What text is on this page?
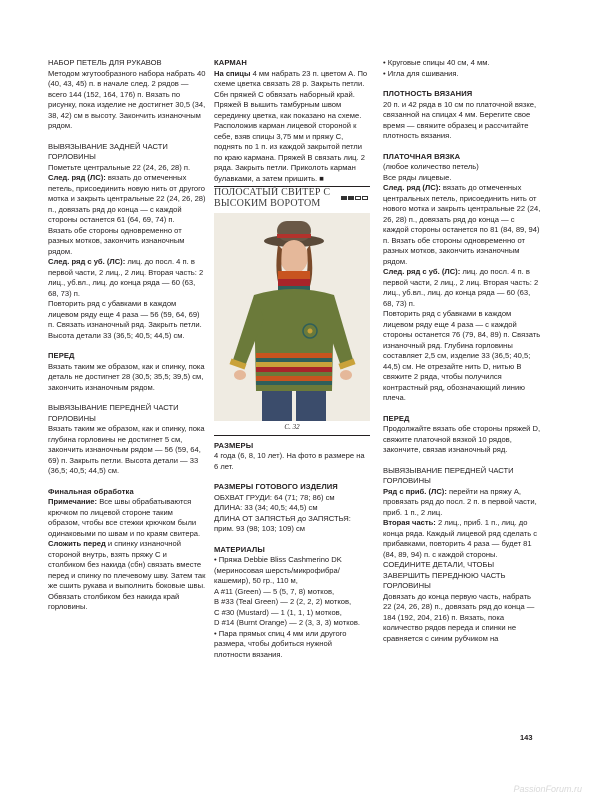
НАБОР ПЕТЕЛЬ ДЛЯ РУКАВОВ

Методом жгутообразного набора набрать 40 (40, 43, 45) п. в начале след. 2 рядов — всего 144 (152, 164, 176) п. Вязать по рисунку, пока изделие не достигнет 30,5 (34, 38, 42) см в высоту. Закончить изнаночным рядом.

ВЫВЯЗЫВАНИЕ ЗАДНЕЙ ЧАСТИ ГОРЛОВИНЫ

Пометьте центральные 22 (24, 26, 28) п.

След. ряд (ЛС): вязать до отмеченных петель, присоединить новую нить от другого мотка и закрыть центральные 22 (24, 26, 28) п., довязать ряд до конца — с каждой стороны останется 61 (64, 69, 74) п.

Вязать обе стороны одновременно от разных мотков, закончить изнаночным рядом.

След. ряд с уб. (ЛС): лиц. до посл. 4 п. в первой части, 2 лиц., 2 лиц. Вторая часть: 2 лиц., уб.вл., лиц. до конца ряда — 60 (63, 68, 73) п.

Повторить ряд с убавками в каждом лицевом ряду еще 4 раза — 56 (59, 64, 69) п. Связать изнаночный ряд. Закрыть петли. Высота детали 33 (36,5; 40,5; 44,5) см.

ПЕРЕД

Вязать таким же образом, как и спинку, пока деталь не достигнет 28 (30,5; 35,5; 39,5) см, закончить изнаночным рядом.

ВЫВЯЗЫВАНИЕ ПЕРЕДНЕЙ ЧАСТИ ГОРЛОВИНЫ

Вязать таким же образом, как и спинку, пока глубина горловины не достигнет 5 см, закончить изнаночным рядом — 56 (59, 64, 69) п. Закрыть петли. Высота детали — 33 (36,5; 40,5; 44,5) см.

Финальная обработка

Примечание: Все швы обрабатываются крючком по лицевой стороне таким образом, чтобы все стежки крючком были одинаковыми по швам и по краям свитера.

Сложить перед и спинку изнаночной стороной внутрь, взять пряжу С и столбиком без накида (сбн) связать вместе перед и спинку по плечевому шву. Затем так же сшить рукава и выполнить боковые швы. Обвязать столбиком без накида край горловины.

КАРМАН

На спицы 4 мм набрать 23 п. цветом А. По схеме цветка связать 28 р. Закрыть петли. Сбн пряжей С обвязать наборный край. Пряжей В вышить тамбурным швом серединку цветка, как показано на схеме. Расположив карман лицевой стороной к себе, взяв спицы 3,75 мм и пряжу С, поднять по 1 п. из каждой закрытой петли по краю кармана. Пряжей В связать лиц. 2 ряда. Закрыть петли. Приколоть карман булавками, а затем пришить. ■

ПОЛОСАТЫЙ СВИТЕР С ВЫСОКИМ ВОРОТОМ
С. 32
РАЗМЕРЫ

4 года (6, 8, 10 лет). На фото в размере на 6 лет.

РАЗМЕРЫ ГОТОВОГО ИЗДЕЛИЯ

ОБХВАТ ГРУДИ: 64 (71; 78; 86) см

ДЛИНА: 33 (34; 40,5; 44,5) см

ДЛИНА ОТ ЗАПЯСТЬЯ до ЗАПЯСТЬЯ: прим. 93 (98; 103; 109) см

МАТЕРИАЛЫ

• Пряжа Debbie Bliss Cashmerino DK (мериносовая шерсть/микрофибра/кашемир), 50 гр., 110 м,

A #11 (Green) — 5 (5, 7, 8) мотков,

B #33 (Teal Green) — 2 (2, 2, 2) мотков,

C #30 (Mustard) — 1 (1, 1, 1) мотков,

D #14 (Burnt Orange) — 2 (3, 3, 3) мотков.

• Пара прямых спиц 4 мм или другого размера, чтобы добиться нужной плотности вязания.

• Круговые спицы 40 см, 4 мм.

• Игла для сшивания.

ПЛОТНОСТЬ ВЯЗАНИЯ

20 п. и 42 ряда в 10 см по платочной вязке, связанной на спицах 4 мм. Берегите свое время — свяжите образец и рассчитайте плотность вязания.

ПЛАТОЧНАЯ ВЯЗКА

(любое количество петель)

Все ряды лицевые.

След. ряд (ЛС): вязать до отмеченных центральных петель, присоединить нить от нового мотка и закрыть центральные 22 (24, 26, 28) п., довязать ряд до конца — с каждой стороны останется по 81 (84, 89, 94) п. Вязать обе стороны одновременно от разных мотков, закончить изнаночным рядом.

След. ряд с уб. (ЛС): лиц. до посл. 4 п. в первой части, 2 лиц., 2 лиц. Вторая часть: 2 лиц., уб.вл., лиц. до конца ряда — 60 (63, 68, 73) п.

Повторить ряд с убавками в каждом лицевом ряду еще 4 раза — с каждой стороны останется 76 (79, 84, 89) п. Связать изнаночный ряд. Глубина горловины составляет 2,5 см, изделие 33 (36,5; 40,5; 44,5) см. Не отрезайте нить D, нитью B свяжите 2 ряда, чтобы получился контрастный ряд, обозначающий линию плеча.

ПЕРЕД

Продолжайте вязать обе стороны пряжей D, свяжите платочной вязкой 10 рядов, закончите, связав изнаночный ряд.

ВЫВЯЗЫВАНИЕ ПЕРЕДНЕЙ ЧАСТИ ГОРЛОВИНЫ

Ряд с приб. (ЛС): перейти на пряжу А, провязать ряд до посл. 2 п. в первой части, приб. 1 п., 2 лиц.

Вторая часть: 2 лиц., приб. 1 п., лиц. до конца ряда. Каждый лицевой ряд сделать с прибавками, повторить 4 раза — будет 81 (84, 89, 94) п. с каждой стороны.

СОЕДИНИТЕ ДЕТАЛИ, ЧТОБЫ ЗАВЕРШИТЬ ПЕРЕДНЮЮ ЧАСТЬ ГОРЛОВИНЫ

Довязать до конца первую часть, набрать 22 (24, 26, 28) п., довязать ряд до конца — 184 (192, 204, 216) п. Вязать, пока количество рядов переда и спинки не сравняется с синим рубчиком на

143
PassionForum.ru
